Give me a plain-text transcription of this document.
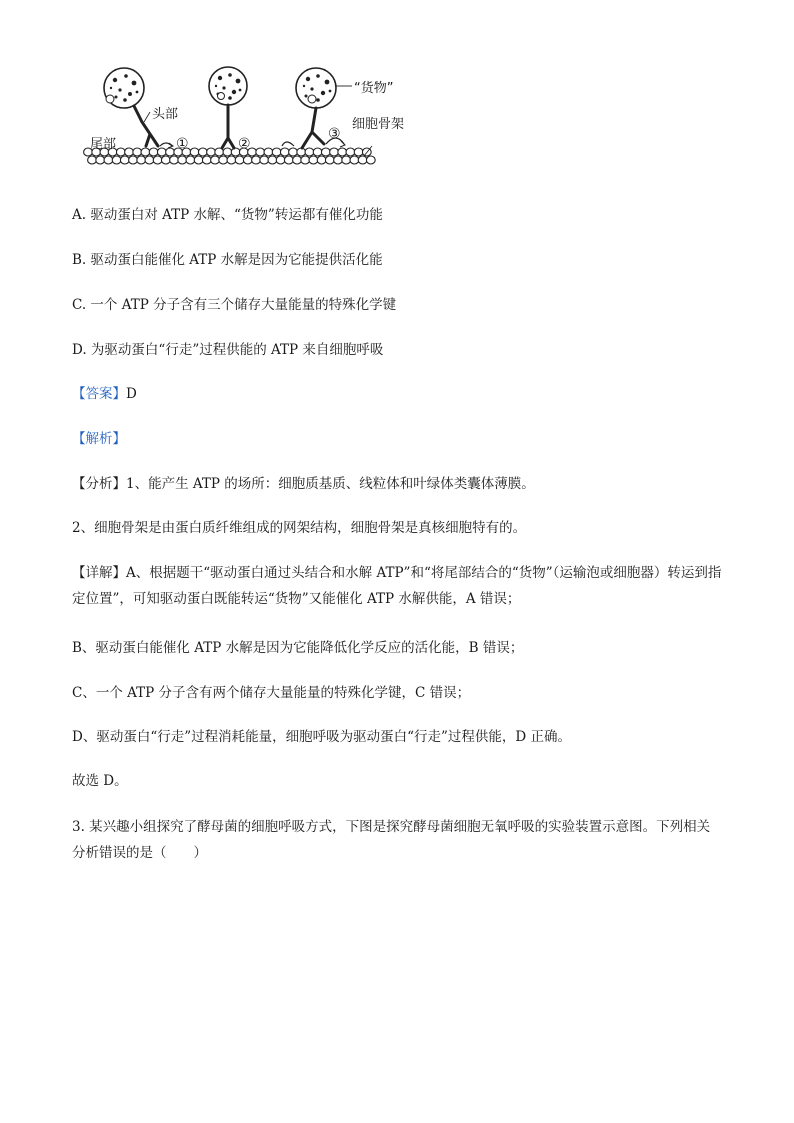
头部
尾部	①	②
③
“货物”
细胞骨架
A. 驱动蛋白对 ATP 水解、“货物”转运都有催化功能
B. 驱动蛋白能催化 ATP 水解是因为它能提供活化能
C. 一个 ATP 分子含有三个储存大量能量的特殊化学键
D. 为驱动蛋白“行走”过程供能的 ATP 来自细胞呼吸
【答案】D
【解析】
【分析】1、能产生 ATP 的场所：细胞质基质、线粒体和叶绿体类囊体薄膜。
2、细胞骨架是由蛋白质纤维组成的网架结构，细胞骨架是真核细胞特有的。
【详解】A、根据题干“驱动蛋白通过头结合和水解 ATP”和“将尾部结合的“货物”（运输泡或细胞器）转运到指定位置”，可知驱动蛋白既能转运“货物”又能催化 ATP 水解供能，A 错误；
B、驱动蛋白能催化 ATP 水解是因为它能降低化学反应的活化能，B 错误；
C、一个 ATP 分子含有两个储存大量能量的特殊化学键，C 错误；
D、驱动蛋白“行走”过程消耗能量，细胞呼吸为驱动蛋白“行走”过程供能，D 正确。
故选 D。
3. 某兴趣小组探究了酵母菌的细胞呼吸方式，下图是探究酵母菌细胞无氧呼吸的实验装置示意图。下列相关分析错误的是（　　）
